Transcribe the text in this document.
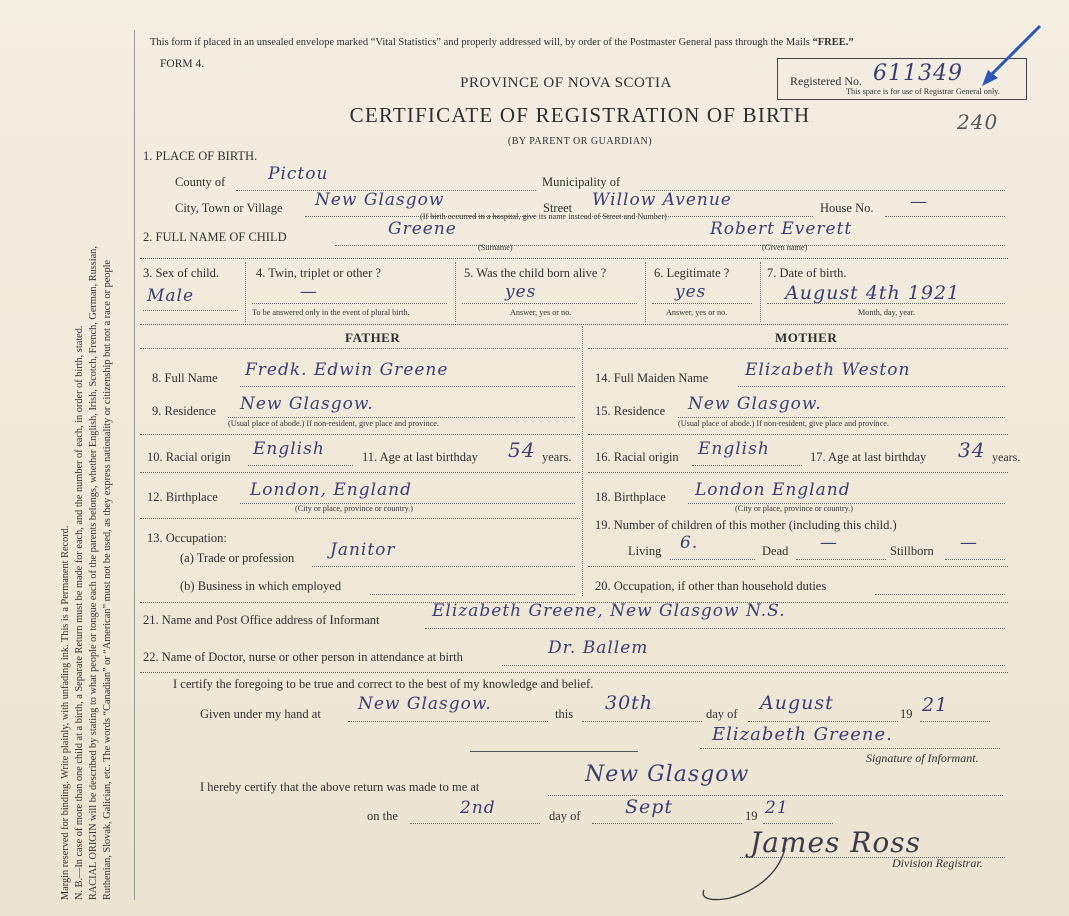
Margin reserved for binding. Write plainly, with unfading ink. This is a Permanent Record. N. B.—In case of more than one child at a birth, a Separate Return must be made for each, and the number of each, in order of birth, stated. RACIAL ORIGIN will be described by stating to what people or tongue each of the parents belongs, whether English, Irish, Scotch, French, German, Russian, Ruthenian, Slovak, Galician, etc. The words “Canadian” or “American” must not be used, as they express nationality or citizenship but not a race or people
This form if placed in an unsealed envelope marked “Vital Statistics” and properly addressed will, by order of the Postmaster General pass through the Mails “FREE.”
FORM 4.
Registered No. 611349
This space is for use of Registrar General only.
240
PROVINCE OF NOVA SCOTIA
CERTIFICATE OF REGISTRATION OF BIRTH
(BY PARENT OR GUARDIAN)
1. PLACE OF BIRTH.
County of	Pictou	Municipality of
City, Town or Village New Glasgow
(If birth occurred in a hospital, give its name instead of Street and Number)
Street Willow Avenue	House No. —
2. FULL NAME OF CHILD	Greene
(Surname)
Robert Everett
(Given name)
3. Sex of child.
Male
4. Twin, triplet or other ?
—
To be answered only in the event of plural birth.
5. Was the child born alive ?
yes
Answer, yes or no.
6. Legitimate ?
yes
Answer, yes or no.
7. Date of birth.
August 4th 1921
Month, day, year.
FATHER	MOTHER
8. Full Name Fredk. Edwin Greene
9. Residence New Glasgow.
(Usual place of abode.) If non-resident, give place and province.
10. Racial origin English	11. Age at last birthday 54 years.
12. Birthplace London, England
(City or place, province or country.)
13. Occupation:
(a) Trade or profession Janitor
(b) Business in which employed
14. Full Maiden Name Elizabeth Weston
15. Residence New Glasgow.
(Usual place of abode.) If non-resident, give place and province.
16. Racial origin English	17. Age at last birthday 34 years.
18. Birthplace London England
(City or place, province or country.)
19. Number of children of this mother (including this child.)
Living 6.	Dead —	Stillborn —
20. Occupation, if other than household duties
21. Name and Post Office address of Informant	Elizabeth Greene, New Glasgow N.S.
22. Name of Doctor, nurse or other person in attendance at birth	Dr. Ballem
I certify the foregoing to be true and correct to the best of my knowledge and belief.
Given under my hand at New Glasgow.	this 30th	day of August	19 21
Elizabeth Greene.
Signature of Informant.
I hereby certify that the above return was made to me at	New Glasgow
on the	2nd	day of Sept	19 21
James Ross
Division Registrar.
